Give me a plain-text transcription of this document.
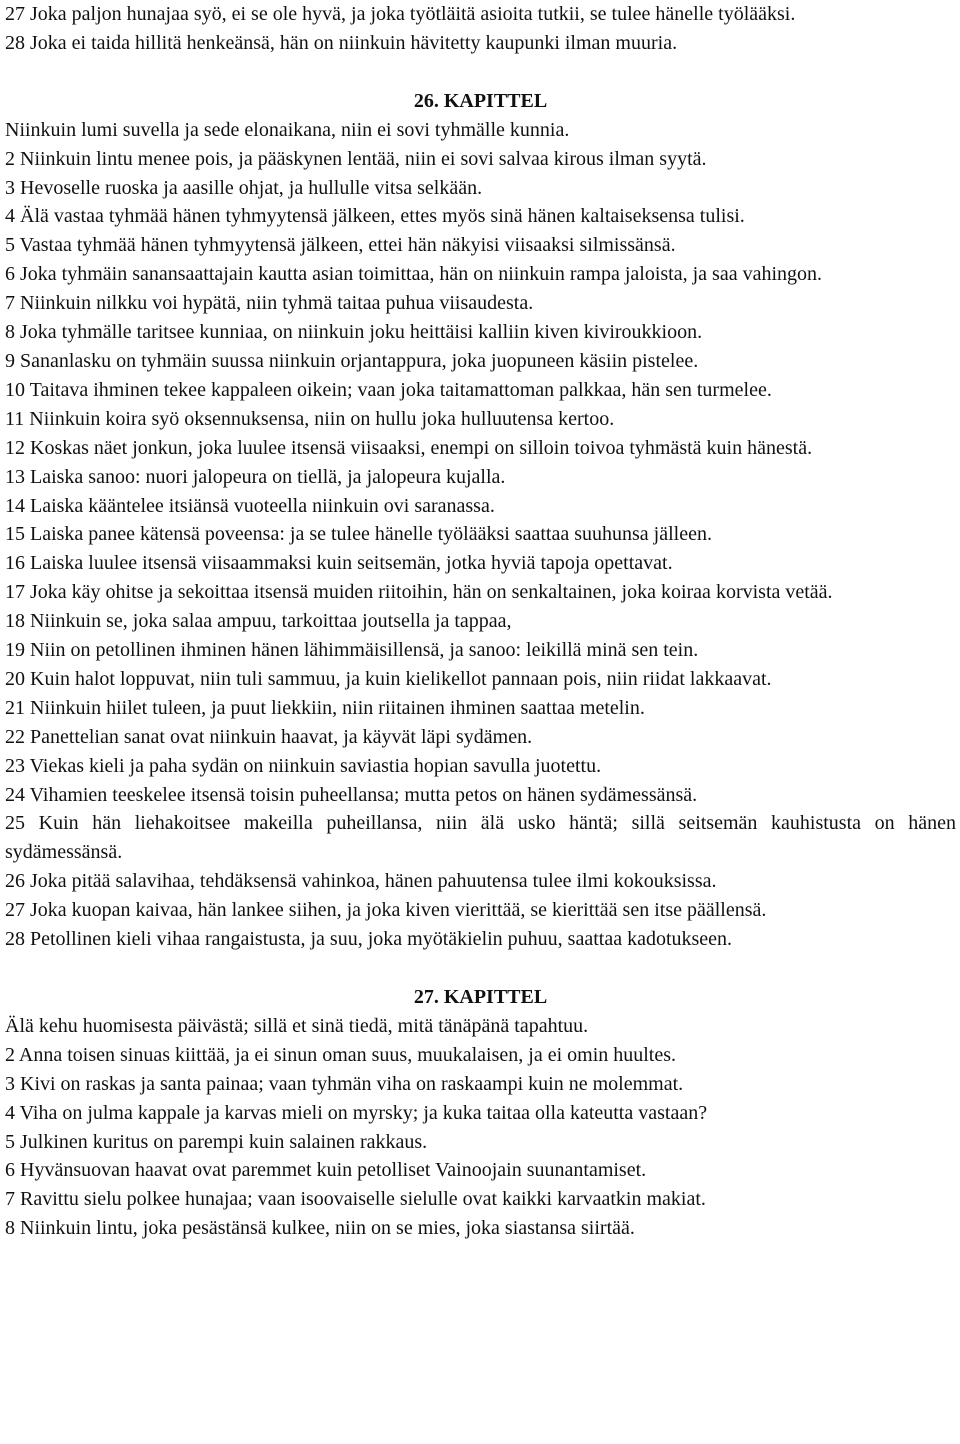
27 Joka paljon hunajaa syö, ei se ole hyvä, ja joka työtläitä asioita tutkii, se tulee hänelle työlääksi.

28 Joka ei taida hillitä henkeänsä, hän on niinkuin hävitetty kaupunki ilman muuria.

26. KAPITTEL

Niinkuin lumi suvella ja sede elonaikana, niin ei sovi tyhmälle kunnia.

2 Niinkuin lintu menee pois, ja pääskynen lentää, niin ei sovi salvaa kirous ilman syytä.

3 Hevoselle ruoska ja aasille ohjat, ja hullulle vitsa selkään.

4 Älä vastaa tyhmää hänen tyhmyytensä jälkeen, ettes myös sinä hänen kaltaiseksensa tulisi.

5 Vastaa tyhmää hänen tyhmyytensä jälkeen, ettei hän näkyisi viisaaksi silmissänsä.

6 Joka tyhmäin sanansaattajain kautta asian toimittaa, hän on niinkuin rampa jaloista, ja saa vahingon.

7 Niinkuin nilkku voi hypätä, niin tyhmä taitaa puhua viisaudesta.

8 Joka tyhmälle taritsee kunniaa, on niinkuin joku heittäisi kalliin kiven kiviroukkioon.

9 Sananlasku on tyhmäin suussa niinkuin orjantappura, joka juopuneen käsiin pistelee.

10 Taitava ihminen tekee kappaleen oikein; vaan joka taitamattoman palkkaa, hän sen turmelee.

11 Niinkuin koira syö oksennuksensa, niin on hullu joka hulluutensa kertoo.

12 Koskas näet jonkun, joka luulee itsensä viisaaksi, enempi on silloin toivoa tyhmästä kuin hänestä.

13 Laiska sanoo: nuori jalopeura on tiellä, ja jalopeura kujalla.

14 Laiska kääntelee itsiänsä vuoteella niinkuin ovi saranassa.

15 Laiska panee kätensä poveensa: ja se tulee hänelle työlääksi saattaa suuhunsa jälleen.

16 Laiska luulee itsensä viisaammaksi kuin seitsemän, jotka hyviä tapoja opettavat.

17 Joka käy ohitse ja sekoittaa itsensä muiden riitoihin, hän on senkaltainen, joka koiraa korvista vetää.

18 Niinkuin se, joka salaa ampuu, tarkoittaa joutsella ja tappaa,

19 Niin on petollinen ihminen hänen lähimmäisillensä, ja sanoo: leikillä minä sen tein.

20 Kuin halot loppuvat, niin tuli sammuu, ja kuin kielikellot pannaan pois, niin riidat lakkaavat.

21 Niinkuin hiilet tuleen, ja puut liekkiin, niin riitainen ihminen saattaa metelin.

22 Panettelian sanat ovat niinkuin haavat, ja käyvät läpi sydämen.

23 Viekas kieli ja paha sydän on niinkuin saviastia hopian savulla juotettu.

24 Vihamien teeskelee itsensä toisin puheellansa; mutta petos on hänen sydämessänsä.

25 Kuin hän liehakoitsee makeilla puheillansa, niin älä usko häntä; sillä seitsemän kauhistusta on hänen sydämessänsä.

26 Joka pitää salavihaa, tehdäksensä vahinkoa, hänen pahuutensa tulee ilmi kokouksissa.

27 Joka kuopan kaivaa, hän lankee siihen, ja joka kiven vierittää, se kierittää sen itse päällensä.

28 Petollinen kieli vihaa rangaistusta, ja suu, joka myötäkielin puhuu, saattaa kadotukseen.

27. KAPITTEL

Älä kehu huomisesta päivästä; sillä et sinä tiedä, mitä tänäpänä tapahtuu.

2 Anna toisen sinuas kiittää, ja ei sinun oman suus, muukalaisen, ja ei omin huultes.

3 Kivi on raskas ja santa painaa; vaan tyhmän viha on raskaampi kuin ne molemmat.

4 Viha on julma kappale ja karvas mieli on myrsky; ja kuka taitaa olla kateutta vastaan?

5 Julkinen kuritus on parempi kuin salainen rakkaus.

6 Hyvänsuovan haavat ovat paremmet kuin petolliset Vainoojain suunantamiset.

7 Ravittu sielu polkee hunajaa; vaan isoovaiselle sielulle ovat kaikki karvaatkin makiat.

8 Niinkuin lintu, joka pesästänsä kulkee, niin on se mies, joka siastansa siirtää.
